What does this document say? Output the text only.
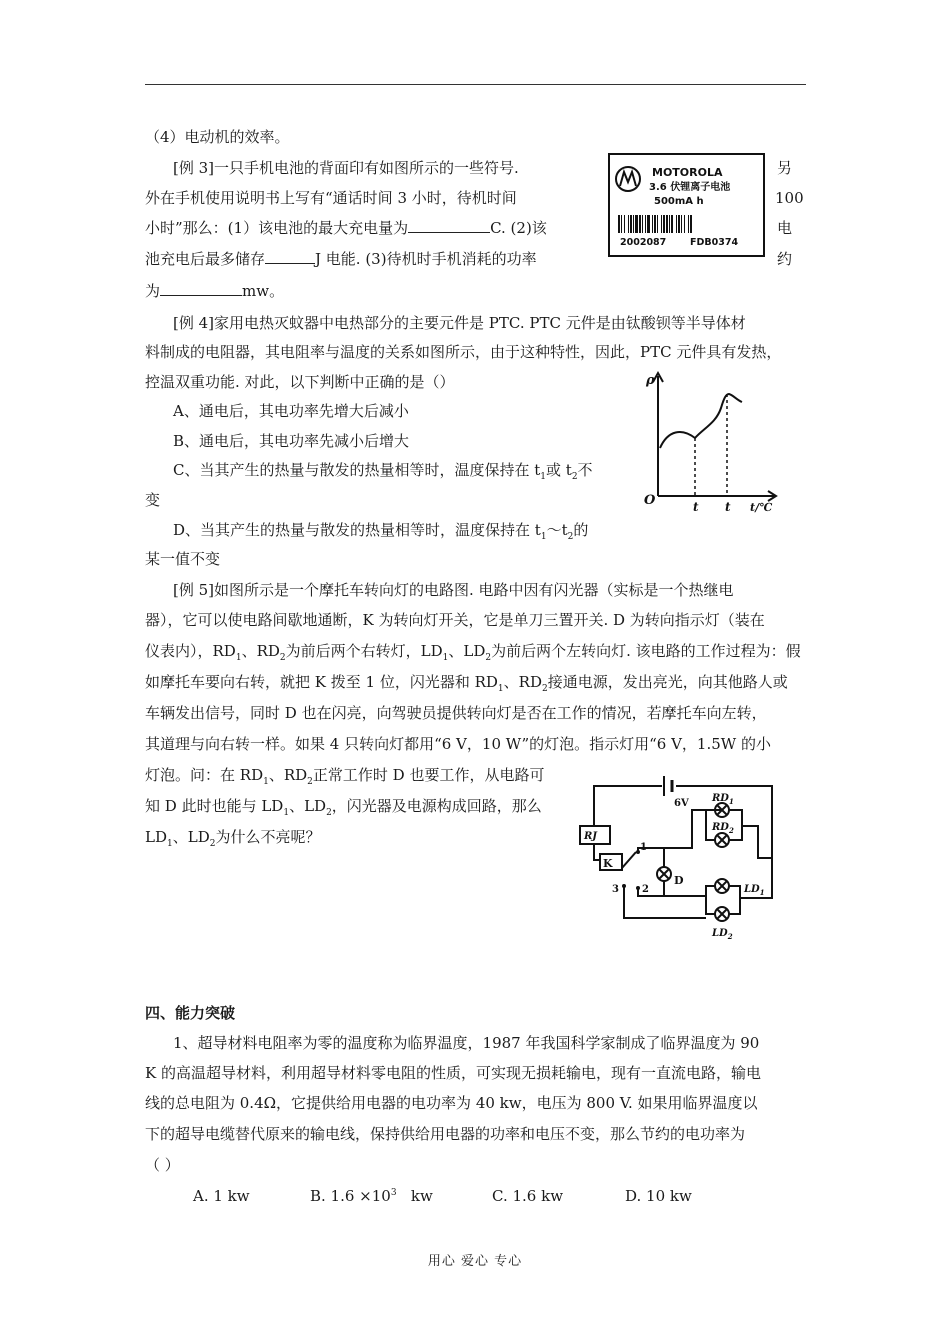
（4）电动机的效率。
[例 3]一只手机电池的背面印有如图所示的一些符号.	另
外在手机使用说明书上写有“通话时间 3 小时，待机时间	100
小时”那么：(1）该电池的最大充电量为	C. (2)该	电
池充电后最多储存	J 电能. (3)待机时手机消耗的功率	约
为	mw。
MOTOROLA
3.6 伏锂离子电池
500mA h
2002087 FDB0374
[例 4]家用电热灭蚊器中电热部分的主要元件是 PTC. PTC 元件是由钛酸钡等半导体材
料制成的电阻器，其电阻率与温度的关系如图所示，由于这种特性，因此，PTC 元件具有发热，
控温双重功能. 对此，以下判断中正确的是（）
A、通电后，其电功率先增大后减小
B、通电后，其电功率先减小后增大
C、当其产生的热量与散发的热量相等时，温度保持在 $t_1$或 $t_2$不
变
D、当其产生的热量与散发的热量相等时，温度保持在 $t_1\sim t_2$的
某一值不变
ρ
O	t t t/℃
[例 5]如图所示是一个摩托车转向灯的电路图. 电路中因有闪光器（实标是一个热继电
器），它可以使电路间歇地通断，K 为转向灯开关，它是单刀三置开关. D 为转向指示灯（装在
仪表内），$RD_1$、$RD_2$为前后两个右转灯，$LD_1$、$LD_2$为前后两个左转向灯. 该电路的工作过程为：假
如摩托车要向右转，就把 K 拨至 1 位，闪光器和 $RD_1$、$RD_2$接通电源，发出亮光，向其他路人或
车辆发出信号，同时 D 也在闪亮，向驾驶员提供转向灯是否在工作的情况，若摩托车向左转，
其道理与向右转一样。如果 4 只转向灯都用“6 V，10 W”的灯泡。指示灯用“6 V，1.5W 的小
灯泡。问：在 $RD_1$、$RD_2$正常工作时 D 也要工作，从电路可
知 D 此时也能与 $LD_1$、$LD_2$，闪光器及电源构成回路，那么
$LD_1$、$LD_2$为什么不亮呢？	RJ
K
1
2
3
D
6V $RD_1$
$RD_2$
$LD_1$
$LD_2$
四、能力突破
1、超导材料电阻率为零的温度称为临界温度，1987 年我国科学家制成了临界温度为 90
K 的高温超导材料，利用超导材料零电阻的性质，可实现无损耗输电，现有一直流电路，输电
线的总电阻为 0.4Ω，它提供给用电器的电功率为 40 kw，电压为 800 V. 如果用临界温度以
下的超导电缆替代原来的输电线，保持供给用电器的功率和电压不变，那么节约的电功率为
（ ）
A. 1 kw	B. $1.6 \times 10^3$ kw	C. 1.6 kw	D. 10 kw
用心 爱心 专心
